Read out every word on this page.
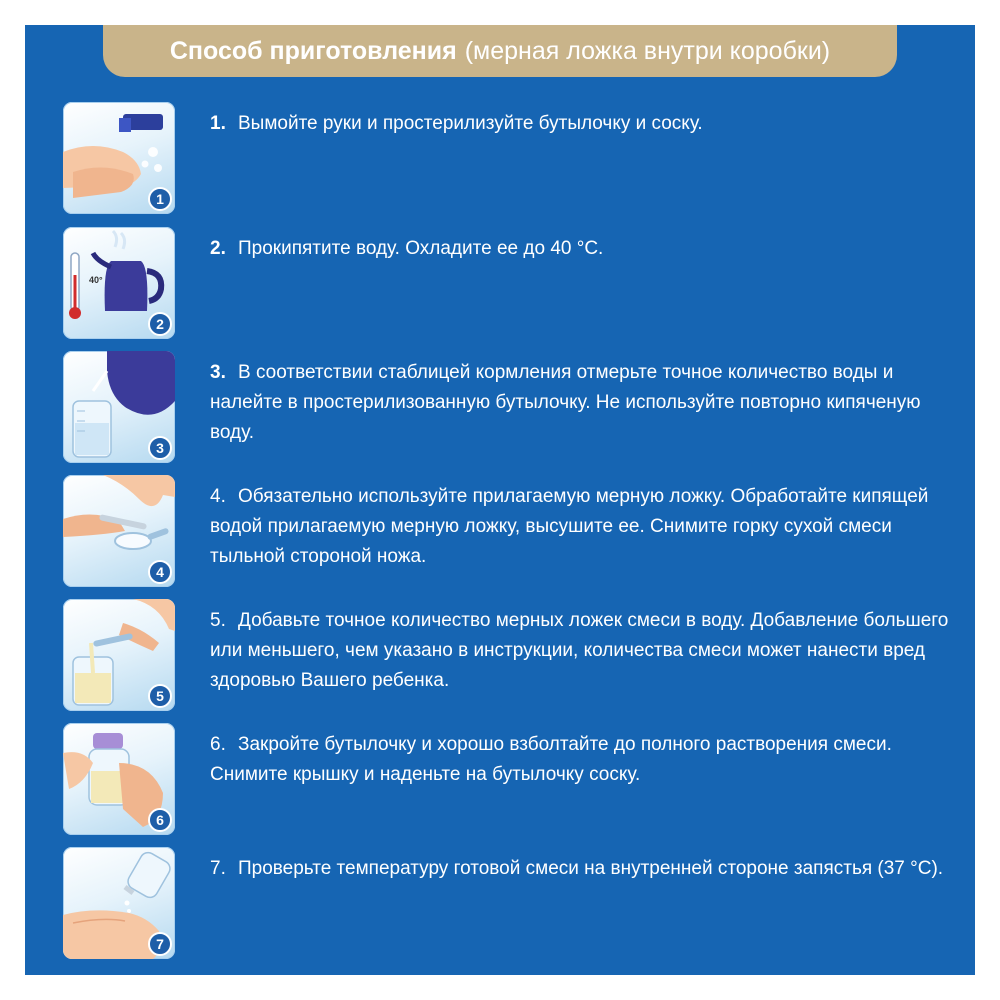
Способ приготовления (мерная ложка внутри коробки)
1
1. Вымойте руки и простерилизуйте бутылочку и соску.
40°
2
2. Прокипятите воду. Охладите ее до 40 °С.
3
3. В соответствии стаблицей кормления отмерьте точное количество воды и налейте в простерилизованную бутылочку. Не используйте повторно кипяченую воду.
4
4. Обязательно используйте прилагаемую мерную ложку. Обработайте кипящей водой прилагаемую мерную ложку, высушите ее. Снимите горку сухой смеси тыльной стороной ножа.
5
5. Добавьте точное количество мерных ложек смеси в воду. Добавление большего или меньшего, чем указано в инструкции, количества смеси может нанести вред здоровью Вашего ребенка.
6
6. Закройте бутылочку и хорошо взболтайте до полного растворения смеси. Снимите крышку и наденьте на бутылочку соску.
7
7. Проверьте температуру готовой смеси на внутренней стороне запястья (37 °С).
